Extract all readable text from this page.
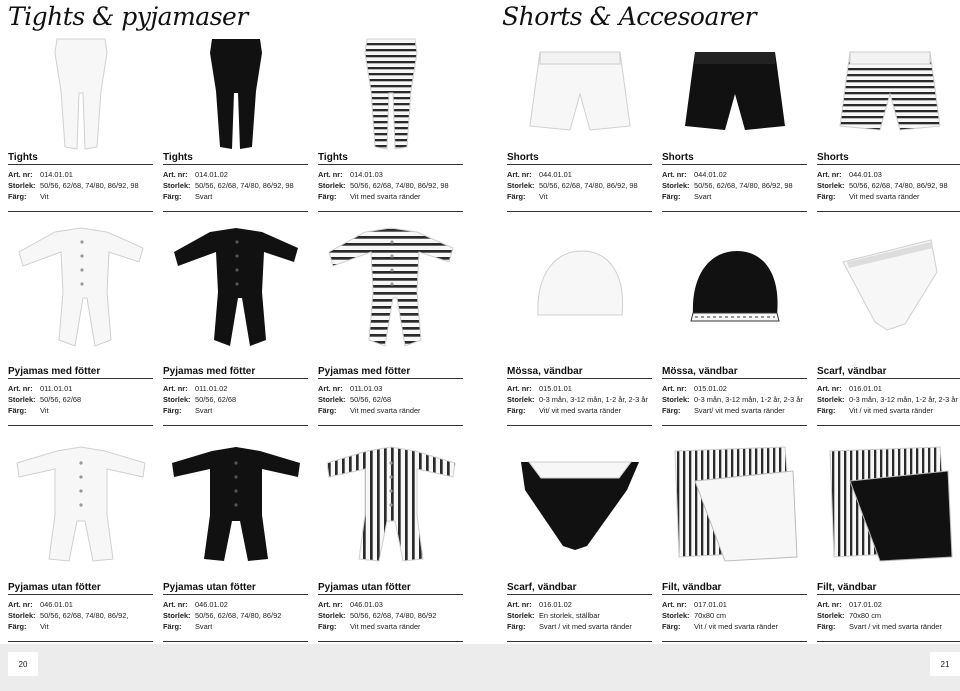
Tights & pyjamaser	Shorts & Accesoarer
Tights
Art. nr: 014.01.01
Storlek: 50/56, 62/68, 74/80, 86/92, 98
Färg:	Vit
Tights
Art. nr: 014.01.02
Storlek: 50/56, 62/68, 74/80, 86/92, 98
Färg:	Svart
Tights
Art. nr: 014.01.03
Storlek: 50/56, 62/68, 74/80, 86/92, 98
Färg:	Vit med svarta ränder
Shorts
Art. nr: 044.01.01
Storlek: 50/56, 62/68, 74/80, 86/92, 98
Färg:	Vit
Shorts
Art. nr: 044.01.02
Storlek: 50/56, 62/68, 74/80, 86/92, 98
Färg:	Svart
Shorts
Art. nr: 044.01.03
Storlek: 50/56, 62/68, 74/80, 86/92, 98
Färg:	Vit med svarta ränder
Pyjamas med fötter
Art. nr: 011.01.01
Storlek: 50/56, 62/68
Färg:	Vit
Pyjamas med fötter
Art. nr: 011.01.02
Storlek: 50/56, 62/68
Färg:	Svart
Pyjamas med fötter
Art. nr: 011.01.03
Storlek: 50/56, 62/68
Färg:	Vit med svarta ränder
Mössa, vändbar
Art. nr: 015.01.01
Storlek: 0-3 mån, 3-12 mån, 1-2 år, 2-3 år
Färg:	Vit/ vit med svarta ränder
Mössa, vändbar
Art. nr: 015.01.02
Storlek: 0-3 mån, 3-12 mån, 1-2 år, 2-3 år
Färg:	Svart/ vit med svarta ränder
Scarf, vändbar
Art. nr: 016.01.01
Storlek: 0-3 mån, 3-12 mån, 1-2 år, 2-3 år
Färg:	Vit / vit med svarta ränder
Pyjamas utan fötter
Art. nr: 046.01.01
Storlek: 50/56, 62/68, 74/80, 86/92,
Färg:	Vit
Pyjamas utan fötter
Art. nr: 046.01.02
Storlek: 50/56, 62/68, 74/80, 86/92
Färg:	Svart
Pyjamas utan fötter
Art. nr: 046.01.03
Storlek: 50/56, 62/68, 74/80, 86/92
Färg:	Vit med svarta ränder
Scarf, vändbar
Art. nr: 016.01.02
Storlek: En storlek, ställbar
Färg:	Svart / vit med svarta ränder
Filt, vändbar
Art. nr: 017.01.01
Storlek: 70x80 cm
Färg:	Vit / vit med svarta ränder
Filt, vändbar
Art. nr: 017.01.02
Storlek: 70x80 cm
Färg:	Svart / vit med svarta ränder
20	21
